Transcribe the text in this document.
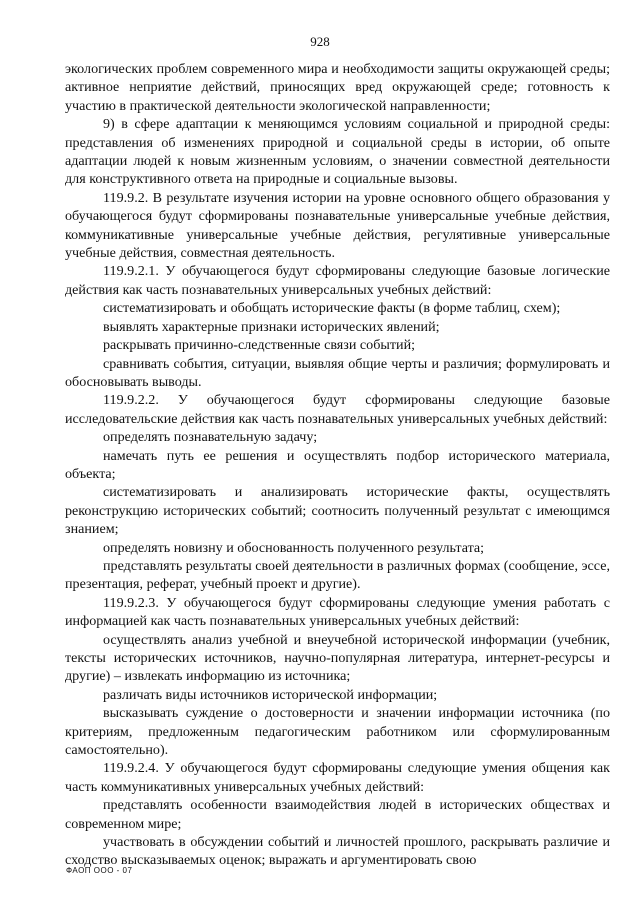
928

экологических проблем современного мира и необходимости защиты окружающей среды; активное неприятие действий, приносящих вред окружающей среде; готовность к участию в практической деятельности экологической направленности;

9) в сфере адаптации к меняющимся условиям социальной и природной среды: представления об изменениях природной и социальной среды в истории, об опыте адаптации людей к новым жизненным условиям, о значении совместной деятельности для конструктивного ответа на природные и социальные вызовы.

119.9.2. В результате изучения истории на уровне основного общего образования у обучающегося будут сформированы познавательные универсальные учебные действия, коммуникативные универсальные учебные действия, регулятивные универсальные учебные действия, совместная деятельность.

119.9.2.1. У обучающегося будут сформированы следующие базовые логические действия как часть познавательных универсальных учебных действий:

систематизировать и обобщать исторические факты (в форме таблиц, схем);

выявлять характерные признаки исторических явлений;

раскрывать причинно-следственные связи событий;

сравнивать события, ситуации, выявляя общие черты и различия; формулировать и обосновывать выводы.

119.9.2.2. У обучающегося будут сформированы следующие базовые исследовательские действия как часть познавательных универсальных учебных действий:

определять познавательную задачу;

намечать путь ее решения и осуществлять подбор исторического материала, объекта;

систематизировать и анализировать исторические факты, осуществлять реконструкцию исторических событий; соотносить полученный результат с имеющимся знанием;

определять новизну и обоснованность полученного результата;

представлять результаты своей деятельности в различных формах (сообщение, эссе, презентация, реферат, учебный проект и другие).

119.9.2.3. У обучающегося будут сформированы следующие умения работать с информацией как часть познавательных универсальных учебных действий:

осуществлять анализ учебной и внеучебной исторической информации (учебник, тексты исторических источников, научно-популярная литература, интернет-ресурсы и другие) – извлекать информацию из источника;

различать виды источников исторической информации;

высказывать суждение о достоверности и значении информации источника (по критериям, предложенным педагогическим работником или сформулированным самостоятельно).

119.9.2.4. У обучающегося будут сформированы следующие умения общения как часть коммуникативных универсальных учебных действий:

представлять особенности взаимодействия людей в исторических обществах и современном мире;

участвовать в обсуждении событий и личностей прошлого, раскрывать различие и сходство высказываемых оценок; выражать и аргументировать свою

ФАОП ООО - 07
